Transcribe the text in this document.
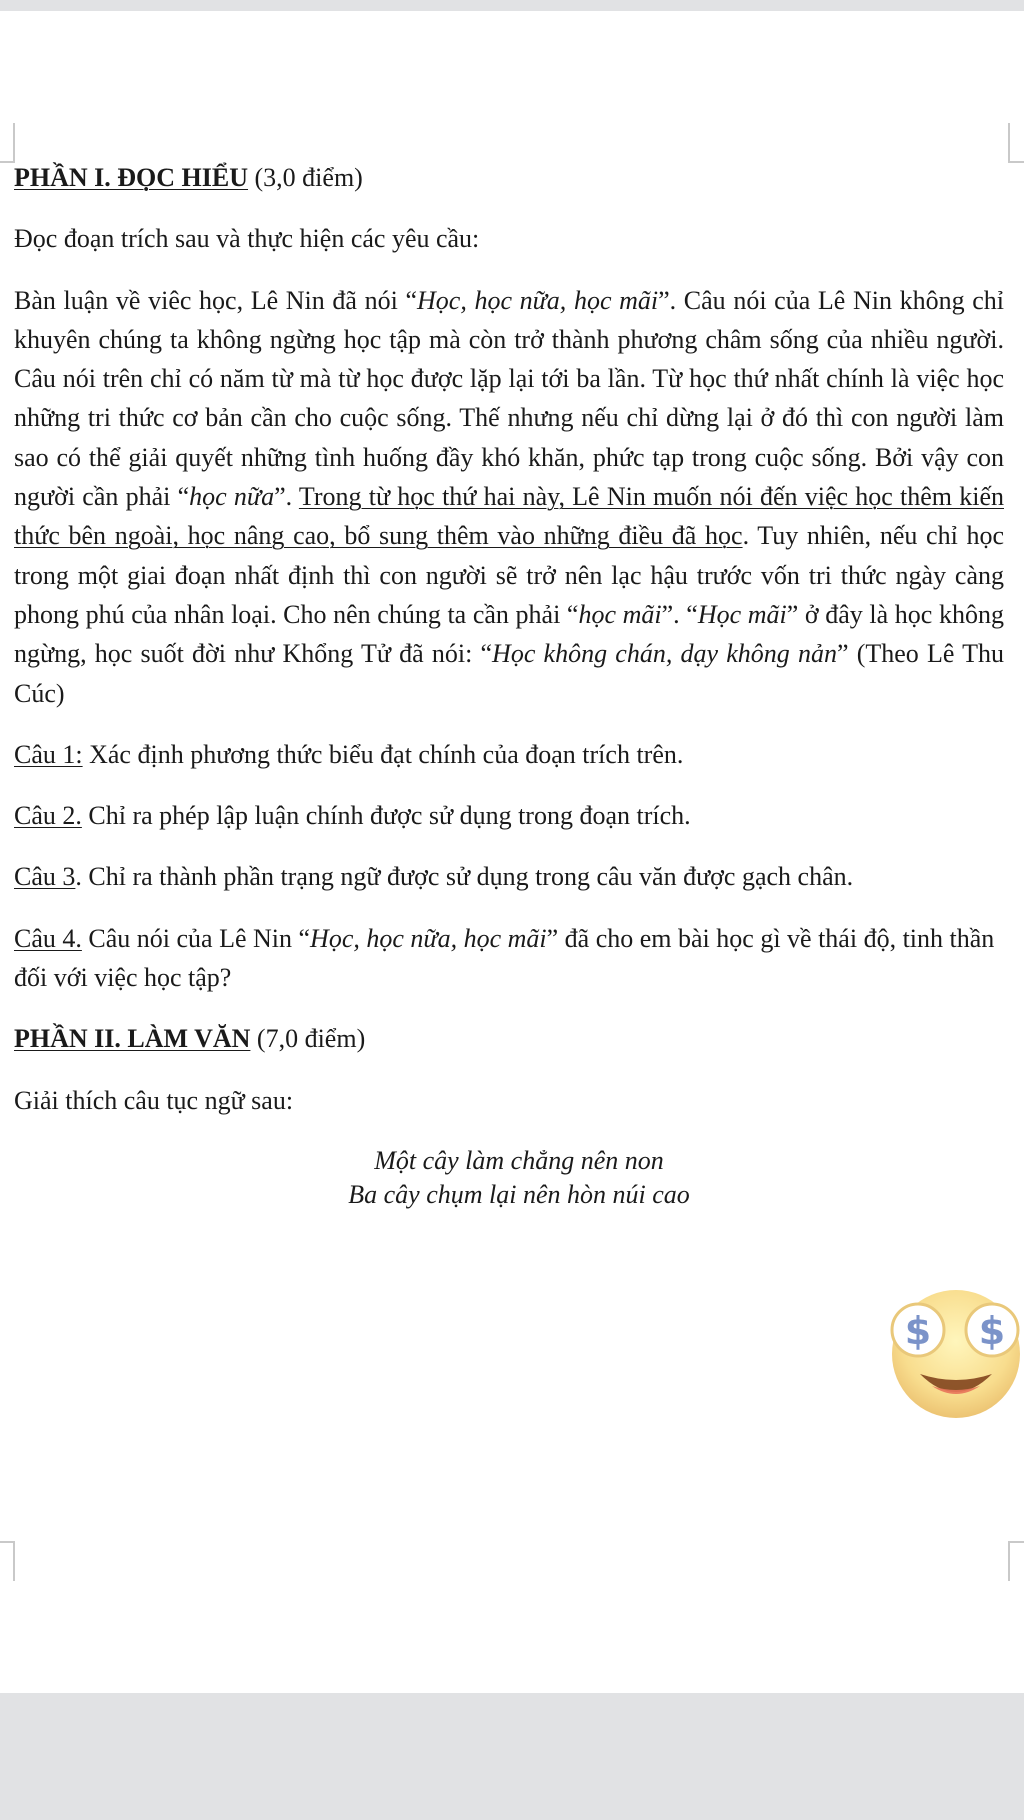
PHẦN I. ĐỌC HIỂU (3,0 điểm)

Đọc đoạn trích sau và thực hiện các yêu cầu:

Bàn luận về viêc học, Lê Nin đã nói “Học, học nữa, học mãi”. Câu nói của Lê Nin không chỉ khuyên chúng ta không ngừng học tập mà còn trở thành phương châm sống của nhiều người. Câu nói trên chỉ có năm từ mà từ học được lặp lại tới ba lần. Từ học thứ nhất chính là việc học những tri thức cơ bản cần cho cuộc sống. Thế nhưng nếu chỉ dừng lại ở đó thì con người làm sao có thể giải quyết những tình huống đầy khó khăn, phức tạp trong cuộc sống. Bởi vậy con người cần phải “học nữa”. Trong từ học thứ hai này, Lê Nin muốn nói đến việc học thêm kiến thức bên ngoài, học nâng cao, bổ sung thêm vào những điều đã học. Tuy nhiên, nếu chỉ học trong một giai đoạn nhất định thì con người sẽ trở nên lạc hậu trước vốn tri thức ngày càng phong phú của nhân loại. Cho nên chúng ta cần phải “học mãi”. “Học mãi” ở đây là học không ngừng, học suốt đời như Khổng Tử đã nói: “Học không chán, dạy không nản” (Theo Lê Thu Cúc)

Câu 1: Xác định phương thức biểu đạt chính của đoạn trích trên.

Câu 2. Chỉ ra phép lập luận chính được sử dụng trong đoạn trích.

Câu 3. Chỉ ra thành phần trạng ngữ được sử dụng trong câu văn được gạch chân.

Câu 4. Câu nói của Lê Nin “Học, học nữa, học mãi” đã cho em bài học gì về thái độ, tinh thần đối với việc học tập?

PHẦN II. LÀM VĂN (7,0 điểm)

Giải thích câu tục ngữ sau:

Một cây làm chẳng nên non
Ba cây chụm lại nên hòn núi cao

$ $
